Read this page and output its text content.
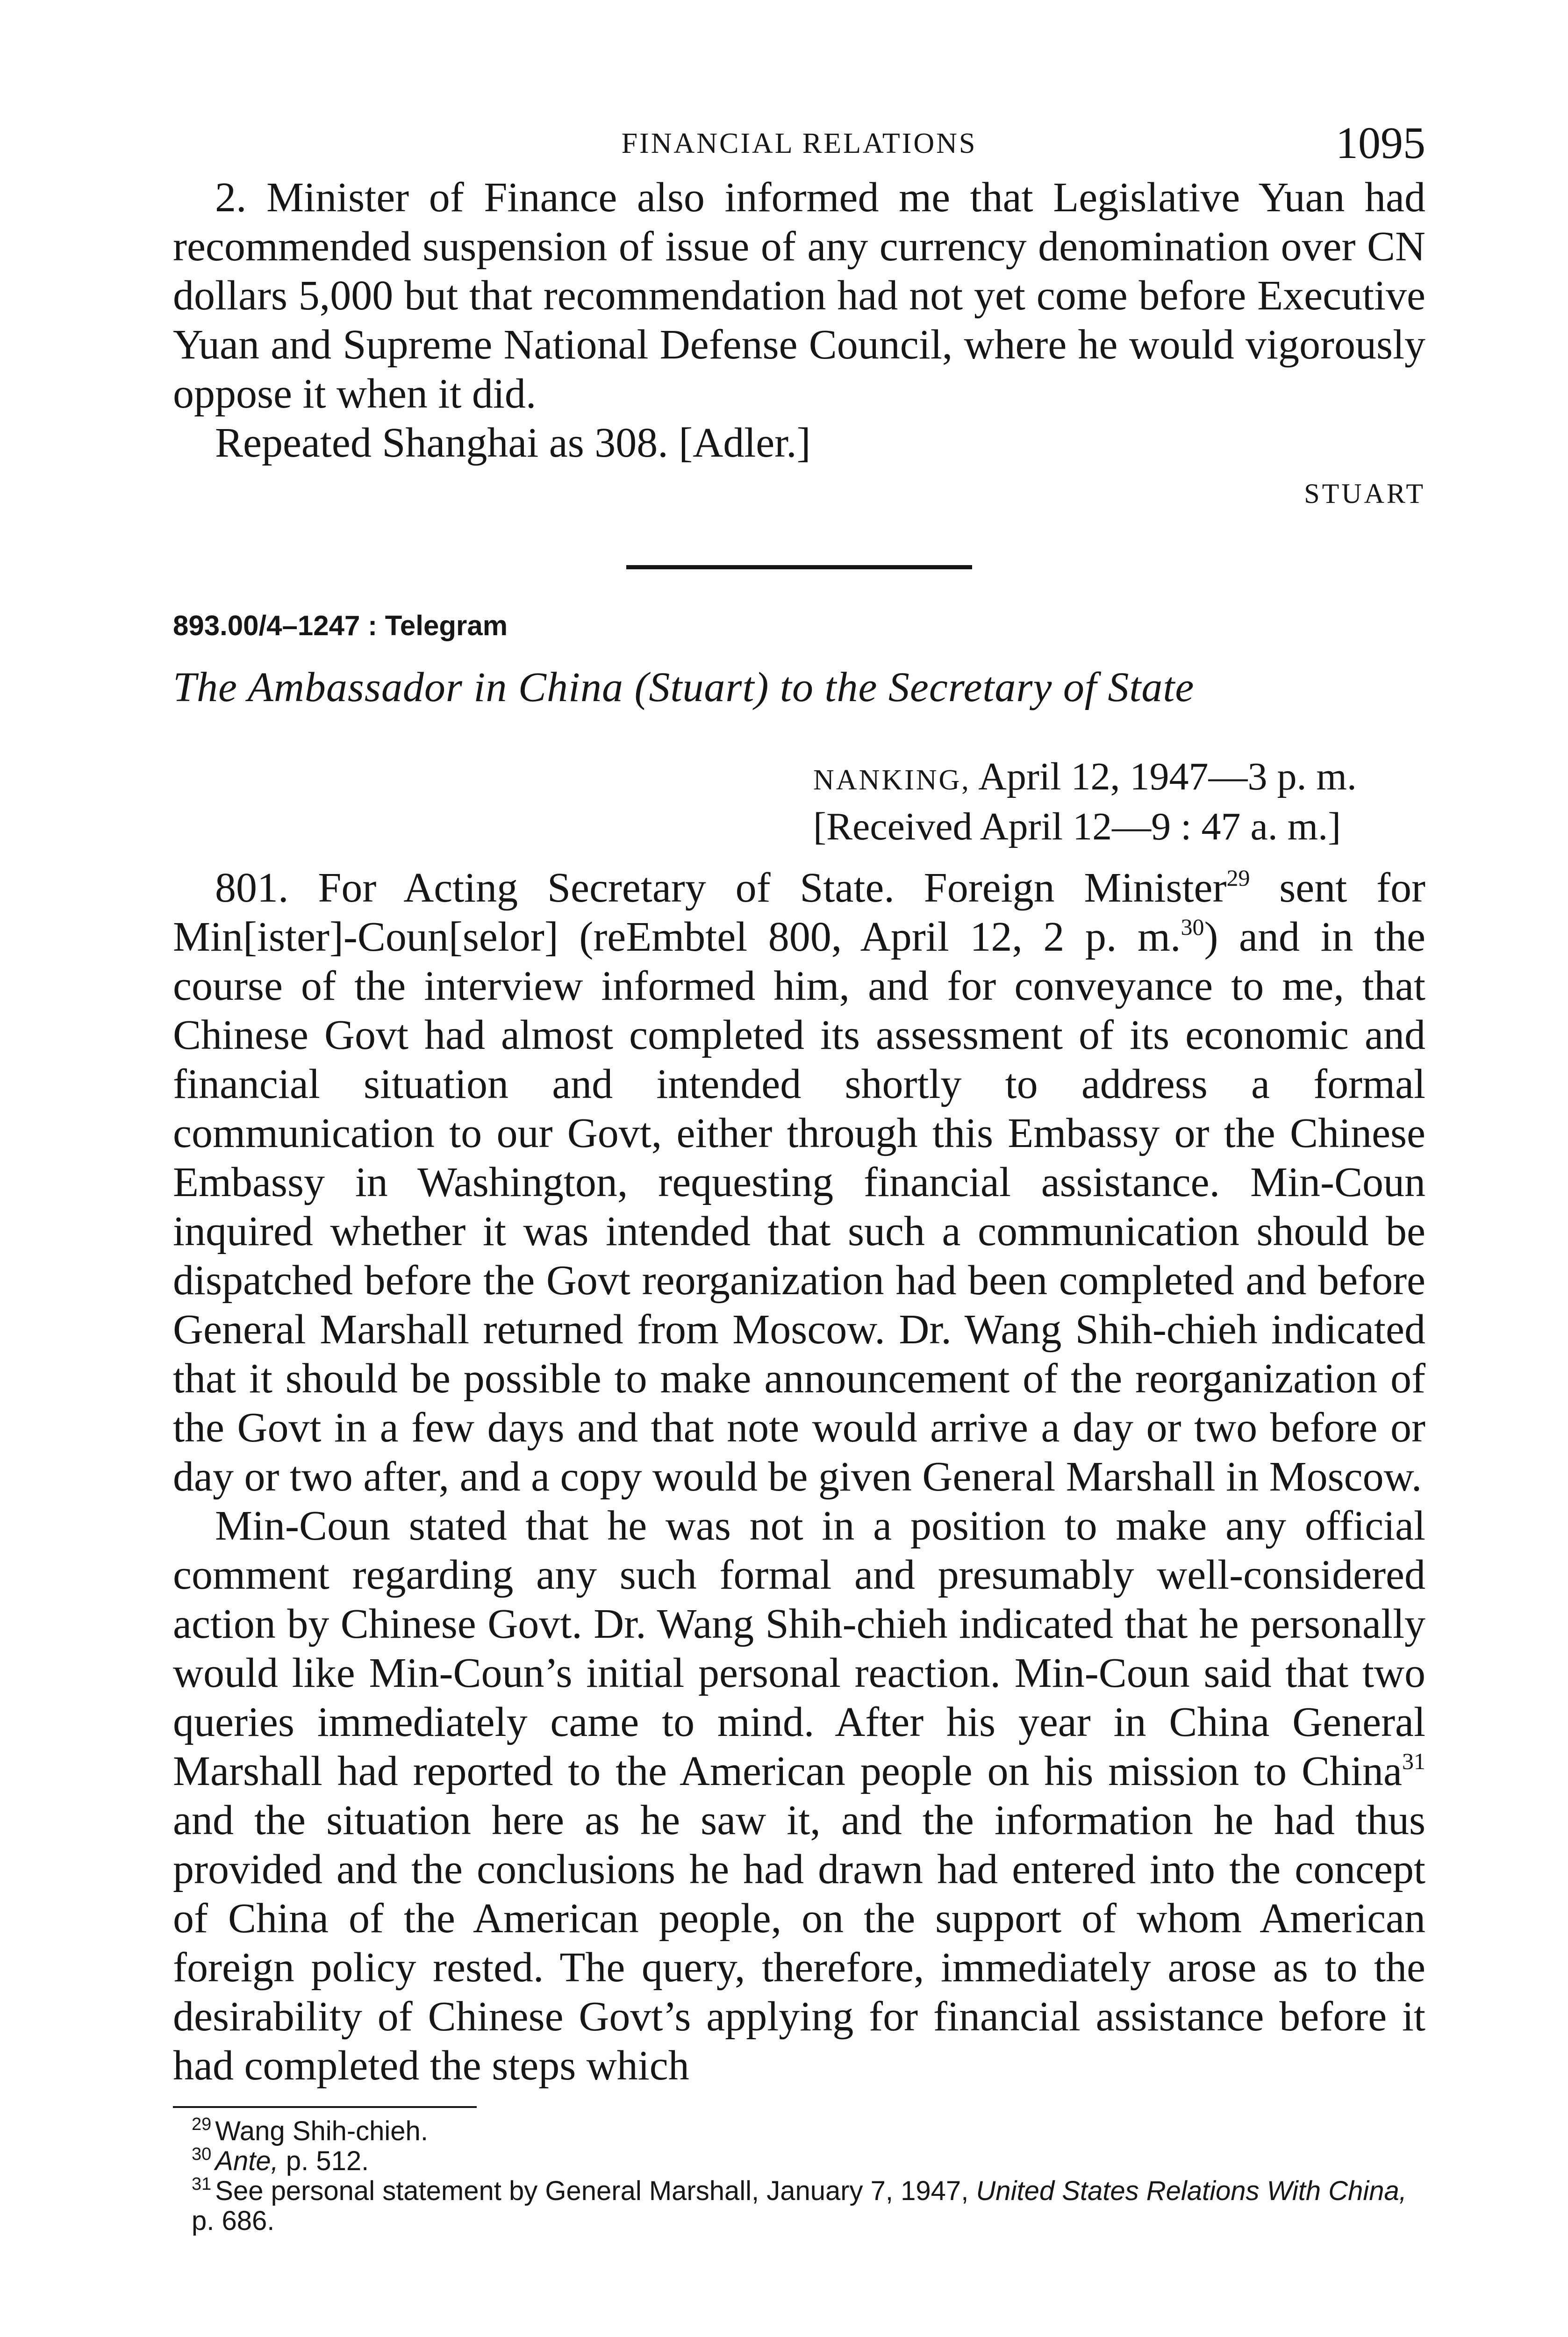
FINANCIAL RELATIONS	1095

2. Minister of Finance also informed me that Legislative Yuan had recommended suspension of issue of any currency denomination over CN dollars 5,000 but that recommendation had not yet come before Executive Yuan and Supreme National Defense Council, where he would vigorously oppose it when it did.

Repeated Shanghai as 308. [Adler.]

STUART
893.00/4–1247 : Telegram
The Ambassador in China (Stuart) to the Secretary of State
NANKING, April 12, 1947—3 p. m.
[Received April 12—9 : 47 a. m.]

801. For Acting Secretary of State. Foreign Minister$^{29}$ sent for Min[ister]-Coun[selor] (reEmbtel 800, April 12, 2 p. m.$^{30}$) and in the course of the interview informed him, and for conveyance to me, that Chinese Govt had almost completed its assessment of its economic and financial situation and intended shortly to address a formal communication to our Govt, either through this Embassy or the Chinese Embassy in Washington, requesting financial assistance. Min-Coun inquired whether it was intended that such a communication should be dispatched before the Govt reorganization had been completed and before General Marshall returned from Moscow. Dr. Wang Shih-chieh indicated that it should be possible to make announcement of the reorganization of the Govt in a few days and that note would arrive a day or two before or day or two after, and a copy would be given General Marshall in Moscow.

Min-Coun stated that he was not in a position to make any official comment regarding any such formal and presumably well-considered action by Chinese Govt. Dr. Wang Shih-chieh indicated that he personally would like Min-Coun’s initial personal reaction. Min-Coun said that two queries immediately came to mind. After his year in China General Marshall had reported to the American people on his mission to China$^{31}$ and the situation here as he saw it, and the information he had thus provided and the conclusions he had drawn had entered into the concept of China of the American people, on the support of whom American foreign policy rested. The query, therefore, immediately arose as to the desirability of Chinese Govt’s applying for financial assistance before it had completed the steps which

$^{29}$ Wang Shih-chieh.
$^{30}$ Ante, p. 512.
$^{31}$ See personal statement by General Marshall, January 7, 1947, United States Relations With China, p. 686.
